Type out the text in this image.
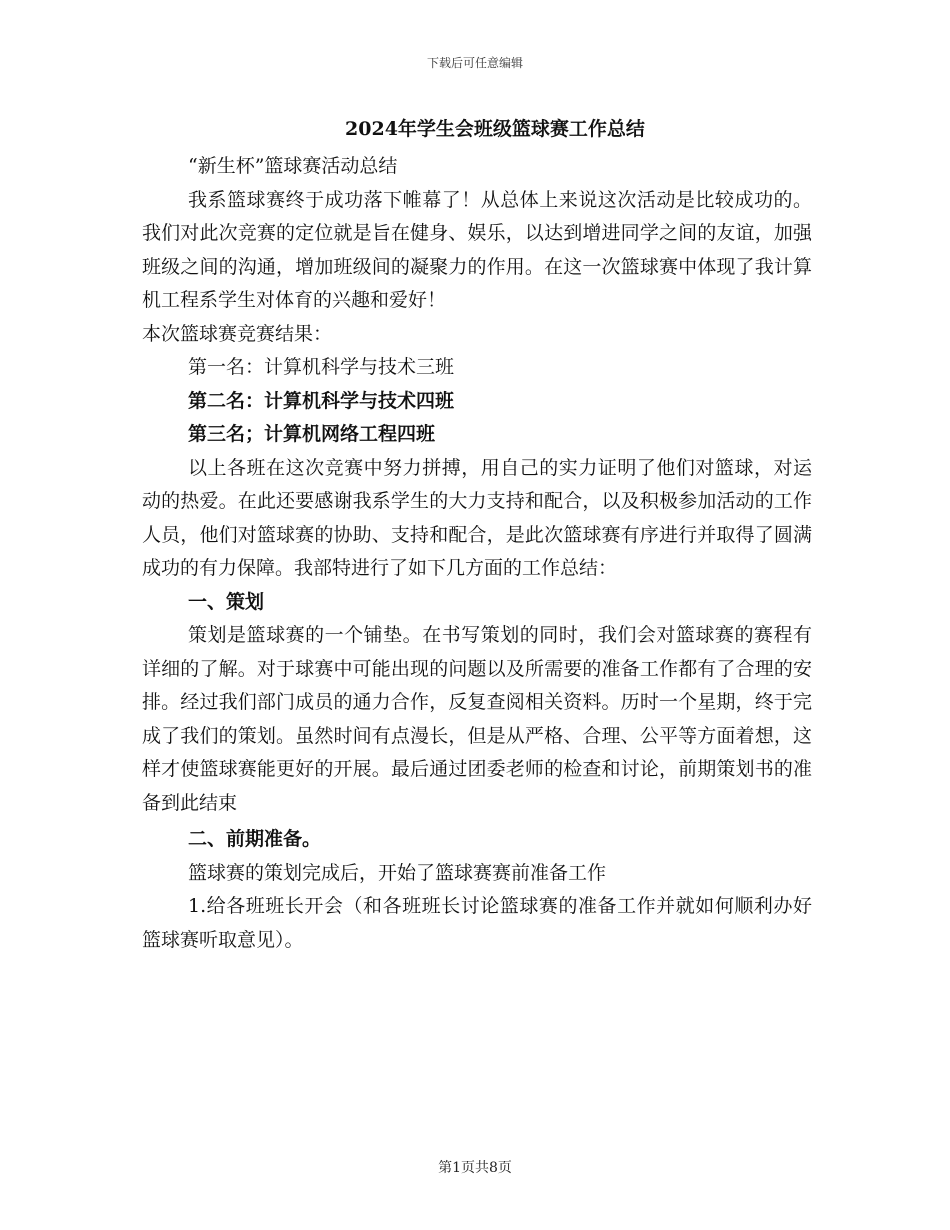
下载后可任意编辑
2024年学生会班级篮球赛工作总结

“新生杯”篮球赛活动总结

我系篮球赛终于成功落下帷幕了！从总体上来说这次活动是比较成功的。我们对此次竞赛的定位就是旨在健身、娱乐，以达到增进同学之间的友谊，加强班级之间的沟通，增加班级间的凝聚力的作用。在这一次篮球赛中体现了我计算机工程系学生对体育的兴趣和爱好！

本次篮球赛竞赛结果：

第一名：计算机科学与技术三班

第二名：计算机科学与技术四班

第三名；计算机网络工程四班

以上各班在这次竞赛中努力拼搏，用自己的实力证明了他们对篮球，对运动的热爱。在此还要感谢我系学生的大力支持和配合，以及积极参加活动的工作人员，他们对篮球赛的协助、支持和配合，是此次篮球赛有序进行并取得了圆满成功的有力保障。我部特进行了如下几方面的工作总结：

一、策划

策划是篮球赛的一个铺垫。在书写策划的同时，我们会对篮球赛的赛程有详细的了解。对于球赛中可能出现的问题以及所需要的准备工作都有了合理的安排。经过我们部门成员的通力合作，反复查阅相关资料。历时一个星期，终于完成了我们的策划。虽然时间有点漫长，但是从严格、合理、公平等方面着想，这样才使篮球赛能更好的开展。最后通过团委老师的检查和讨论，前期策划书的准备到此结束

二、前期准备。

篮球赛的策划完成后，开始了篮球赛赛前准备工作

1.给各班班长开会（和各班班长讨论篮球赛的准备工作并就如何顺利办好篮球赛听取意见）。

第1页共8页
